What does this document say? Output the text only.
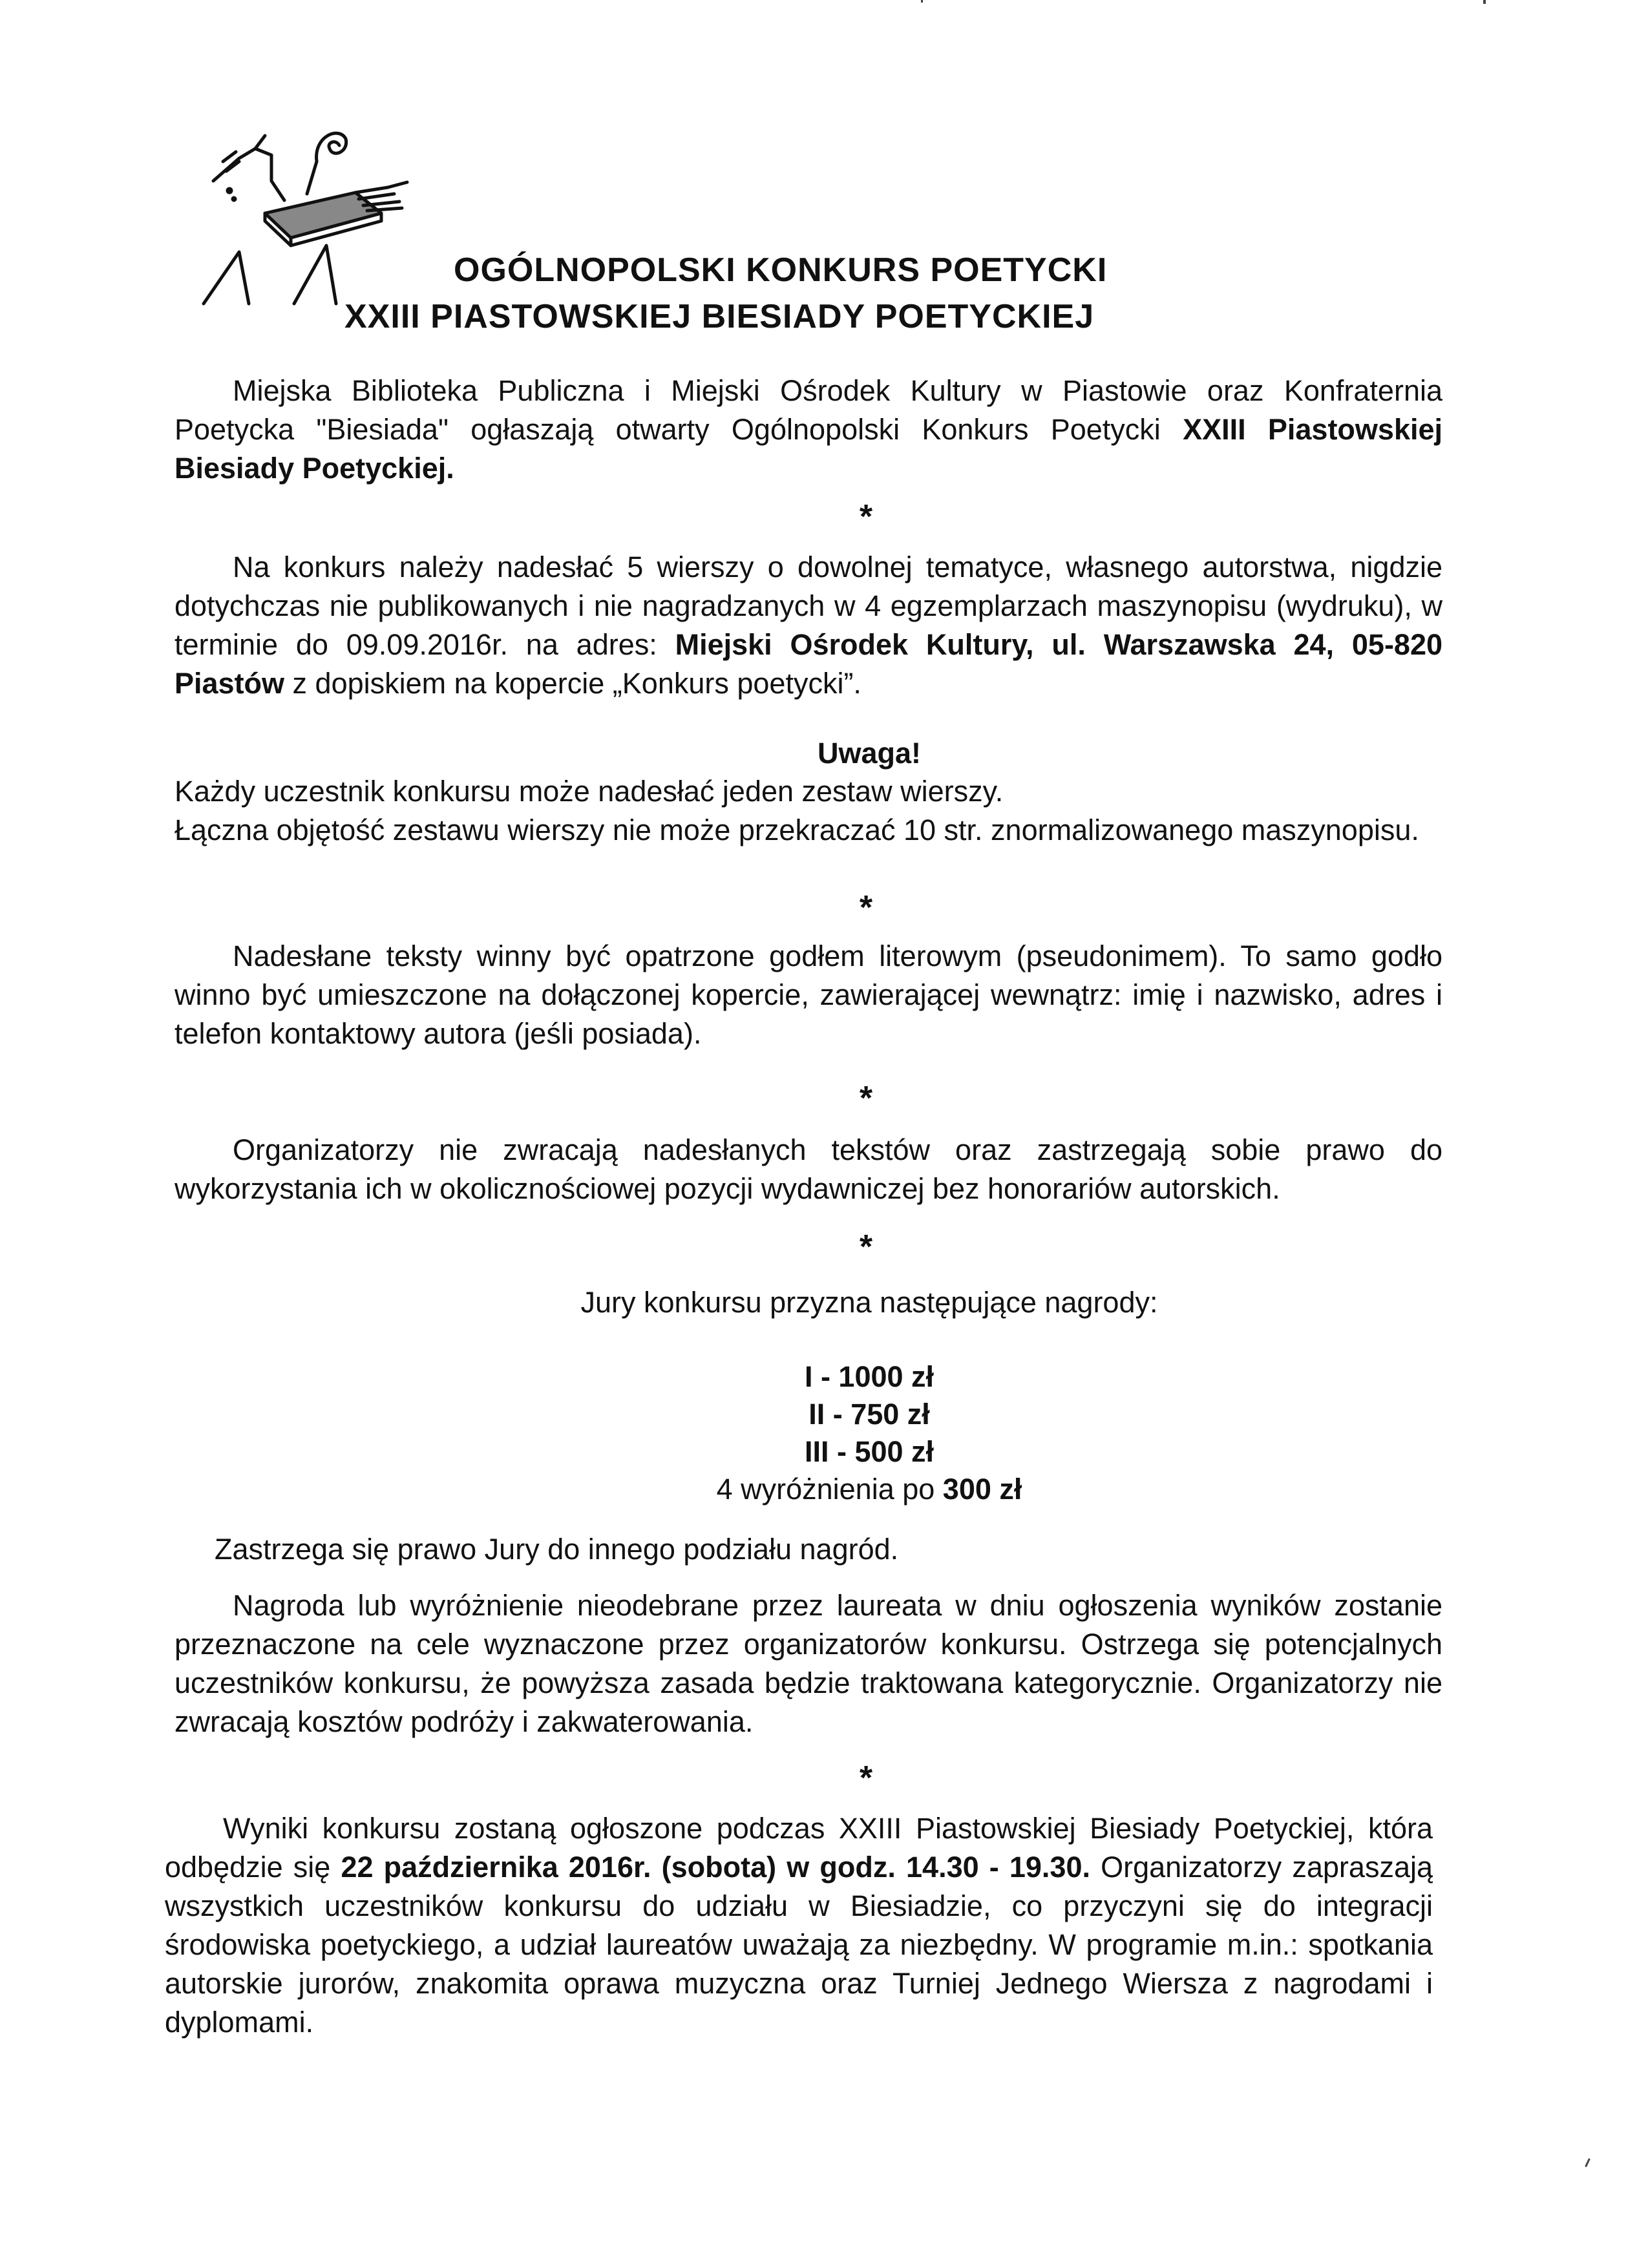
OGÓLNOPOLSKI KONKURS POETYCKI
XXIII PIASTOWSKIEJ BIESIADY POETYCKIEJ
Miejska Biblioteka Publiczna i Miejski Ośrodek Kultury w Piastowie oraz Konfraternia Poetycka "Biesiada" ogłaszają otwarty Ogólnopolski Konkurs Poetycki XXIII Piastowskiej Biesiady Poetyckiej.
*
Na konkurs należy nadesłać 5 wierszy o dowolnej tematyce, własnego autorstwa, nigdzie dotychczas nie publikowanych i nie nagradzanych w 4 egzemplarzach maszynopisu (wydruku), w terminie do 09.09.2016r. na adres: Miejski Ośrodek Kultury, ul. Warszawska 24, 05-820 Piastów z dopiskiem na kopercie „Konkurs poetycki”.
Uwaga!
Każdy uczestnik konkursu może nadesłać jeden zestaw wierszy.
Łączna objętość zestawu wierszy nie może przekraczać 10 str. znormalizowanego maszynopisu.
*
Nadesłane teksty winny być opatrzone godłem literowym (pseudonimem). To samo godło winno być umieszczone na dołączonej kopercie, zawierającej wewnątrz: imię i nazwisko, adres i telefon kontaktowy autora (jeśli posiada).
*
Organizatorzy nie zwracają nadesłanych tekstów oraz zastrzegają sobie prawo do wykorzystania ich w okolicznościowej pozycji wydawniczej bez honorariów autorskich.
*
Jury konkursu przyzna następujące nagrody:
I - 1000 zł
II - 750 zł
III - 500 zł
4 wyróżnienia po 300 zł
Zastrzega się prawo Jury do innego podziału nagród.
Nagroda lub wyróżnienie nieodebrane przez laureata w dniu ogłoszenia wyników zostanie przeznaczone na cele wyznaczone przez organizatorów konkursu. Ostrzega się potencjalnych uczestników konkursu, że powyższa zasada będzie traktowana kategorycznie. Organizatorzy nie zwracają kosztów podróży i zakwaterowania.
*
Wyniki konkursu zostaną ogłoszone podczas XXIII Piastowskiej Biesiady Poetyckiej, która odbędzie się 22 października 2016r. (sobota) w godz. 14.30 - 19.30. Organizatorzy zapraszają wszystkich uczestników konkursu do udziału w Biesiadzie, co przyczyni się do integracji środowiska poetyckiego, a udział laureatów uważają za niezbędny. W programie m.in.: spotkania autorskie jurorów, znakomita oprawa muzyczna oraz Turniej Jednego Wiersza z nagrodami i dyplomami.
